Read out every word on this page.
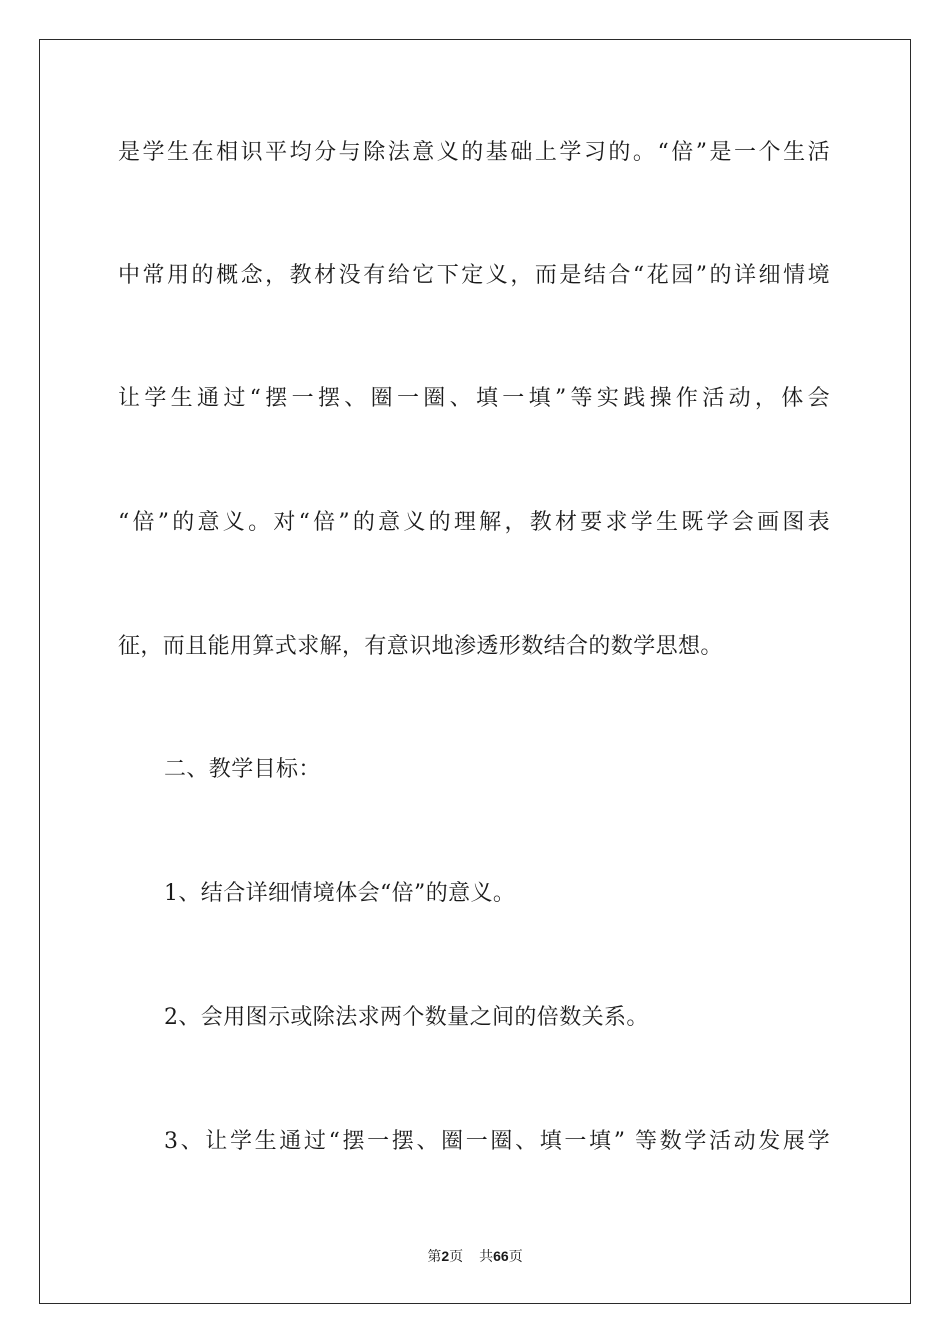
是学生在相识平均分与除法意义的基础上学习的。“倍”是一个生活
中常用的概念，教材没有给它下定义，而是结合“花园”的详细情境
让学生通过“摆一摆、圈一圈、填一填”等实践操作活动，体会
“倍”的意义。对“倍”的意义的理解，教材要求学生既学会画图表
征，而且能用算式求解，有意识地渗透形数结合的数学思想。
二、教学目标：
1、结合详细情境体会“倍”的意义。
2、会用图示或除法求两个数量之间的倍数关系。
3、让学生通过“摆一摆、圈一圈、填一填” 等数学活动发展学
第2页 共66页
